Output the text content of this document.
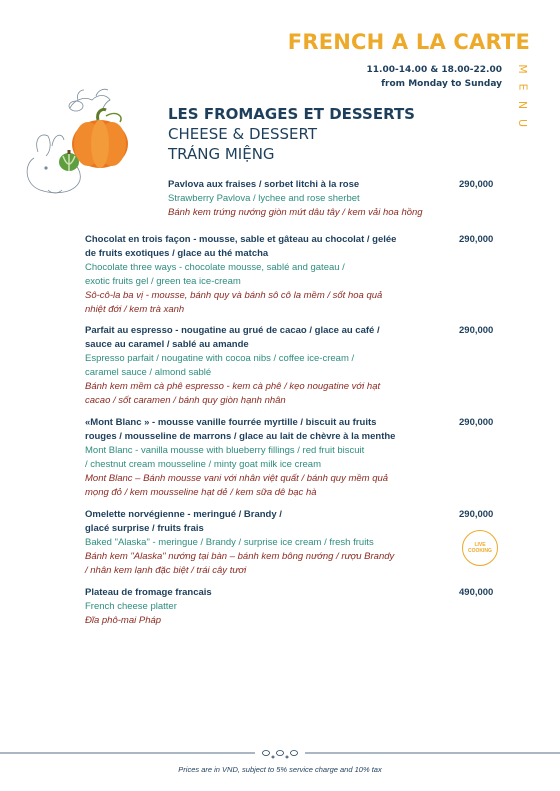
FRENCH A LA CARTE
11.00-14.00 & 18.00-22.00
from Monday to Sunday
M
E
N
U
LES FROMAGES ET DESSERTS
CHEESE & DESSERT
TRÁNG MIỆNG
Pavlova aux fraises / sorbet litchi à la rose
Strawberry Pavlova / lychee and rose sherbet
Bánh kem trứng nướng giòn mứt dâu tây / kem vải hoa hồng
290,000
Chocolat en trois façon - mousse, sable et gâteau au chocolat / gelée
de fruits exotiques / glace au thé matcha
Chocolate three ways - chocolate mousse, sablé and gateau /
exotic fruits gel / green tea ice-cream
Sô-cô-la ba vị - mousse, bánh quy và bánh sô cô la mềm / sốt hoa quả
nhiệt đới / kem trà xanh
290,000
Parfait au espresso - nougatine au grué de cacao / glace au café /
sauce au caramel / sablé au amande
Espresso parfait / nougatine with cocoa nibs / coffee ice-cream /
caramel sauce / almond sablé
Bánh kem mềm cà phê espresso - kem cà phê / kẹo nougatine với hạt
cacao / sốt caramen / bánh quy giòn hạnh nhân
290,000
«Mont Blanc » - mousse vanille fourrée myrtille / biscuit au fruits
rouges / mousseline de marrons / glace au lait de chèvre à la menthe
Mont Blanc - vanilla mousse with blueberry fillings / red fruit biscuit
/ chestnut cream mousseline / minty goat milk ice cream
Mont Blanc – Bánh mousse vani với nhân việt quất / bánh quy mềm quả
mọng đỏ / kem mousseline hạt dẻ / kem sữa dê bạc hà
290,000
Omelette norvégienne - meringué / Brandy /
glacé surprise / fruits frais
Baked "Alaska" - meringue / Brandy / surprise ice cream / fresh fruits
Bánh kem "Alaska" nướng tại bàn – bánh kem bông nướng / rượu Brandy
/ nhân kem lạnh đặc biệt / trái cây tươi
290,000
LIVE
COOKING
Plateau de fromage francais
French cheese platter
Đĩa phô-mai Pháp
490,000
Prices are in VND, subject to 5% service charge and 10% tax
